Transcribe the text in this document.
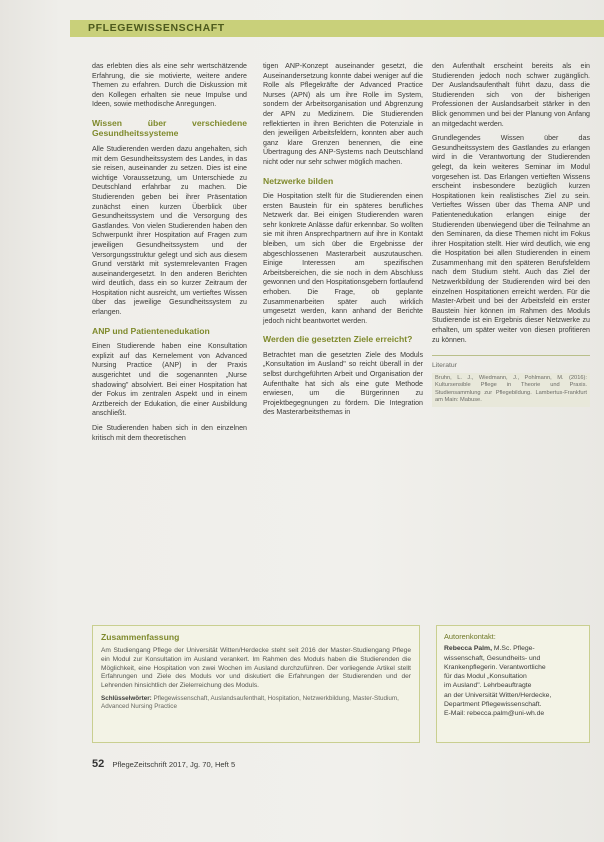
PFLEGEWISSENSCHAFT

das erlebten dies als eine sehr wertschätzende Erfahrung, die sie motivierte, weitere andere Themen zu erfahren. Durch die Diskussion mit den Kollegen erhalten sie neue Impulse und Ideen, sowie methodische Anregungen.

Wissen über verschiedene Gesundheitssysteme

Alle Studierenden werden dazu angehalten, sich mit dem Gesundheitssystem des Landes, in das sie reisen, auseinander zu setzen. Dies ist eine wichtige Voraussetzung, um Unterschiede zu Deutschland erfahrbar zu machen. Die Studierenden geben bei ihrer Präsentation zunächst einen kurzen Überblick über Gesundheitssystem und die Versorgung des Gastlandes. Von vielen Studierenden haben den Schwerpunkt ihrer Hospitation auf Fragen zum jeweiligen Gesundheitssystem und der Versorgungsstruktur gelegt und sich aus diesem Grund verstärkt mit systemrelevanten Fragen auseinandergesetzt. In den anderen Berichten wird deutlich, dass ein so kurzer Zeitraum der Hospitation nicht ausreicht, um vertieftes Wissen über das jeweilige Gesundheitssystem zu erlangen.

ANP und Patientenedukation

Einen Studierende haben eine Konsultation explizit auf das Kernelement von Advanced Nursing Practice (ANP) in der Praxis ausgerichtet und die sogenannten „Nurse shadowing" absolviert. Bei einer Hospitation hat der Fokus im zentralen Aspekt und in einem Arztbereich der Edukation, die einer Ausbildung anschließt.

Die Studierenden haben sich in den einzelnen kritisch mit dem theoretischen

tigen ANP-Konzept auseinander gesetzt, die Auseinandersetzung konnte dabei weniger auf die Rolle als Pflegekräfte der Advanced Practice Nurses (APN) als um ihre Rolle im System, sondern der Arbeitsorganisation und Abgrenzung der APN zu Medizinern. Die Studierenden reflektierten in ihren Berichten die Potenziale in den jeweiligen Arbeitsfeldern, konnten aber auch ganz klare Grenzen benennen, die eine Übertragung des ANP-Systems nach Deutschland nicht oder nur sehr schwer möglich machen.

Netzwerke bilden

Die Hospitation stellt für die Studierenden einen ersten Baustein für ein späteres berufliches Netzwerk dar. Bei einigen Studierenden waren sehr konkrete Anlässe dafür erkennbar. So wollten sie mit ihren Ansprechpartnern auf ihre in Kontakt bleiben, um sich über die Ergebnisse der abgeschlossenen Masterarbeit auszutauschen. Einige Interessen am spezifischen Arbeitsbereichen, die sie noch in dem Abschluss gewonnen und den Hospitationsgebern fortlaufend erhoben. Die Frage, ob geplante Zusammenarbeiten später auch wirklich umgesetzt werden, kann anhand der Berichte jedoch nicht beantwortet werden.

Werden die gesetzten Ziele erreicht?

Betrachtet man die gesetzten Ziele des Moduls „Konsultation im Ausland" so reicht überall in der selbst durchgeführten Arbeit und Organisation der Aufenthalte hat sich als eine gute Methode erwiesen, um die Bürgerinnen zu Projektbegegnungen zu fördern. Die Integration des Masterarbeitsthemas in

den Aufenthalt erscheint bereits als ein Studierenden jedoch noch schwer zugänglich. Der Auslandsaufenthalt führt dazu, dass die Studierenden sich von der bisherigen Professionen der Auslandsarbeit stärker in den Blick genommen und bei der Planung von Anfang an mitgedacht werden.

Grundlegendes Wissen über das Gesundheitssystem des Gastlandes zu erlangen wird in die Verantwortung der Studierenden gelegt, da kein weiteres Seminar im Modul vorgesehen ist. Das Erlangen vertieften Wissens erscheint insbesondere bezüglich kurzen Hospitationen kein realistisches Ziel zu sein. Vertieftes Wissen über das Thema ANP und Patientenedukation erlangen einige der Studierenden überwiegend über die Teilnahme an den Seminaren, da diese Themen nicht im Fokus ihrer Hospitation stellt. Hier wird deutlich, wie eng die Hospitation bei allen Studierenden in einem Zusammenhang mit den späteren Berufsfeldern nach dem Studium steht. Auch das Ziel der Netzwerkbildung der Studierenden wird bei den einzelnen Hospitationen erreicht werden. Für die Master-Arbeit und bei der Arbeitsfeld ein erster Baustein hier können im Rahmen des Moduls Studierende ist ein Ergebnis dieser Netzwerke zu erhalten, um später weiter von diesen profitieren zu können.

Literatur
Bruhn, L. J., Wiedmann, J., Pohlmann, M. (2016): Kultursensible Pflege in Theorie und Praxis. Studiensammlung zur Pflegebildung. Lambertus-Frankfurt am Main: Mabuse.
Zusammenfassung
Am Studiengang Pflege der Universität Witten/Herdecke steht seit 2016 der Master-Studiengang Pflege ein Modul zur Konsultation im Ausland verankert. Im Rahmen des Moduls haben die Studierenden die Möglichkeit, eine Hospitation von zwei Wochen im Ausland durchzuführen. Der vorliegende Artikel stellt Erfahrungen und Ziele des Moduls vor und diskutiert die Erfahrungen der Studierenden und der Lehrenden hinsichtlich der Zielerreichung des Moduls.
Schlüsselwörter: Pflegewissenschaft, Auslandsaufenthalt, Hospitation, Netzwerkbildung, Master-Studium, Advanced Nursing Practice
Autorenkontakt:
Rebecca Palm, M.Sc. Pflege-
wissenschaft, Gesundheits- und
Krankenpflegerin. Verantwortliche
für das Modul „Konsultation
im Ausland". Lehrbeauftragte
an der Universität Witten/Herdecke,
Department Pflegewissenschaft.
E-Mail: rebecca.palm@uni-wh.de
52 PflegeZeitschrift 2017, Jg. 70, Heft 5
